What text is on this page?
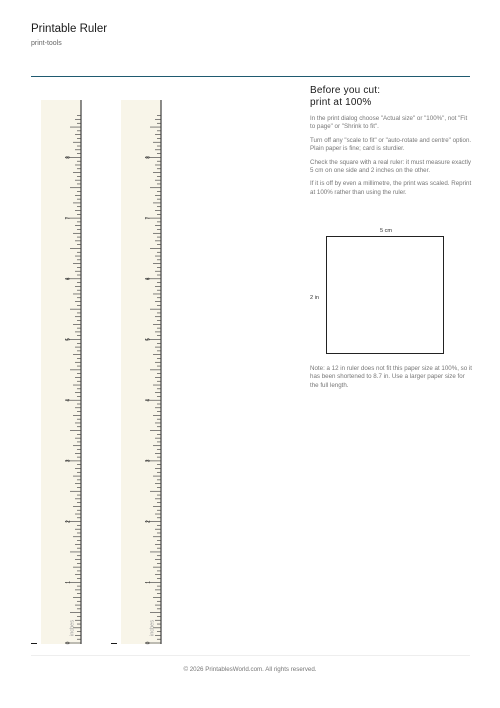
Printable Ruler
print-tools
0
1
2
3
4
5
6
7
8
inches
0
1
2
3
4
5
6
7
8
inches
Before you cut:
print at 100%

In the print dialog choose "Actual size" or "100%", not "Fit to page" or "Shrink to fit".

Turn off any "scale to fit" or "auto-rotate and centre" option. Plain paper is fine; card is sturdier.

Check the square with a real ruler: it must measure exactly 5 cm on one side and 2 inches on the other.

If it is off by even a millimetre, the print was scaled. Reprint at 100% rather than using the ruler.

5 cm
2 in

Note: a 12 in ruler does not fit this paper size at 100%, so it has been shortened to 8.7 in. Use a larger paper size for the full length.

© 2026 PrintablesWorld.com. All rights reserved.
